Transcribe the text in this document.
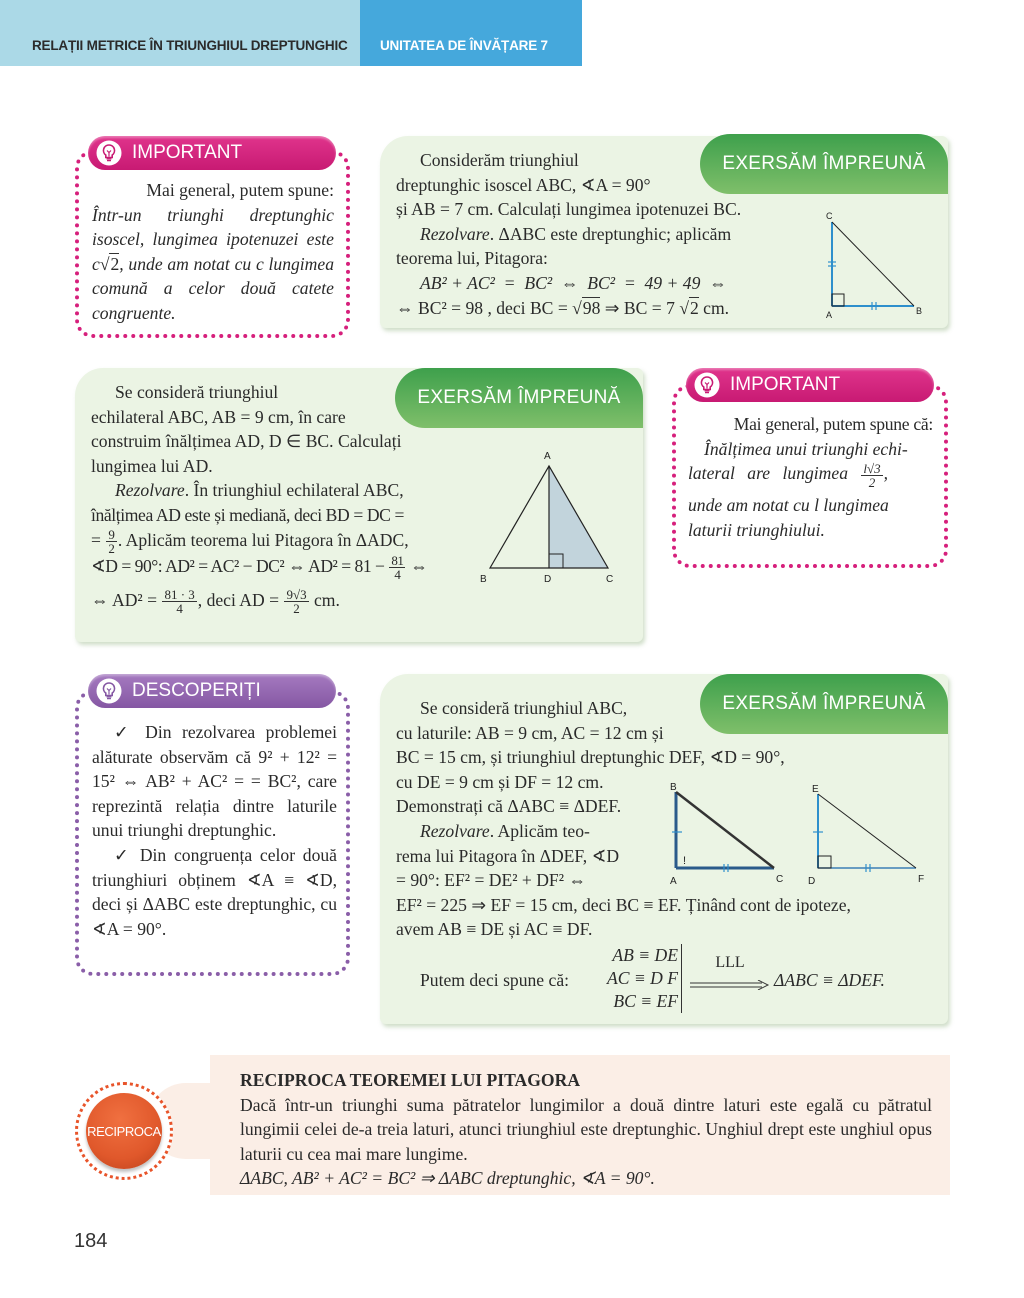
RELAȚII METRICE ÎN TRIUNGHIUL DREPTUNGHIC UNITATEA DE ÎNVĂȚARE 7
IMPORTANT

Mai general, putem spune:

Într-un triunghi dreptunghic isoscel, lungimea ipotenuzei este c√2, unde am notat cu c lungimea comună a celor două catete congruente.
EXERSĂM ÎMPREUNĂ
Considerăm triunghiul
dreptunghic isoscel ABC, ∢A = 90°
și AB = 7 cm. Calculați lungimea ipotenuzei BC.
Rezolvare. ΔABC este dreptunghic; aplicăm
teorema lui, Pitagora:
AB² + AC²  =  BC²  ⇔  BC²  =  49 + 49  ⇔
⇔ BC² = 98 , deci BC = √98 ⇒ BC = 7 √2 cm.
C
A	B
EXERSĂM ÎMPREUNĂ
Se consideră triunghiul
echilateral ABC, AB = 9 cm, în care
construim înălțimea AD, D ∈ BC. Calculați
lungimea lui AD.
Rezolvare. În triunghiul echilateral ABC,
înălțimea AD este și mediană, deci BD = DC =
= $\frac{9}{2}$ . Aplicăm teorema lui Pitagora în ΔADC,
∢D = 90°: AD² = AC² − DC² ⇔ $AD^2 = 81 - \frac{81}{4}$ ⇔
⇔ $AD^2 = \frac{81 \cdot 3}{4}$ , deci AD = $\frac{9√3}{2}$ cm.
A
B	D	C
IMPORTANT

Mai general, putem spune că:

Înălțimea unui triunghi echi-
lateral are lungimea $\frac{l√3}{2}$ ,
unde am notat cu l lungimea laturii triunghiului.
DESCOPERIȚI

✓ Din rezolvarea problemei alăturate observăm că 9² + 12² = 15² ⇔ AB² + AC² = = BC², care reprezintă relația dintre laturile unui triunghi dreptunghic.

✓ Din congruența celor două triunghiuri obținem ∢A ≡ ∢D, deci și ΔABC este dreptunghic, cu ∢A = 90°.

EXERSĂM ÎMPREUNĂ
Se consideră triunghiul ABC,
cu laturile: AB = 9 cm, AC = 12 cm și
BC = 15 cm, și triunghiul dreptunghic DEF, ∢D = 90°,
cu DE = 9 cm și DF = 12 cm.
Demonstrați că ΔABC ≡ ΔDEF.
Rezolvare. Aplicăm teo-
rema lui Pitagora în ΔDEF, ∢D
= 90°: EF² = DE² + DF² ⇔
EF² = 225 ⇒ EF = 15 cm, deci BC ≡ EF. Ținând cont de ipoteze,
avem AB ≡ DE și AC ≡ DF.
Putem deci spune că:
AB ≡ DE
AC ≡ D F
BC ≡ EF
LLL
ΔABC ≡ ΔDEF.
!
B
A	C
E
D	F
RECIPROCA
RECIPROCA TEOREMEI LUI PITAGORA
Dacă într-un triunghi suma pătratelor lungimilor a două dintre laturi este egală cu pătratul lungimii celei de-a treia laturi, atunci triunghiul este dreptunghic. Unghiul drept este unghiul opus laturii cu cea mai mare lungime.
ΔABC, AB² + AC² = BC² ⇒ ΔABC dreptunghic, ∢A = 90°.
184
